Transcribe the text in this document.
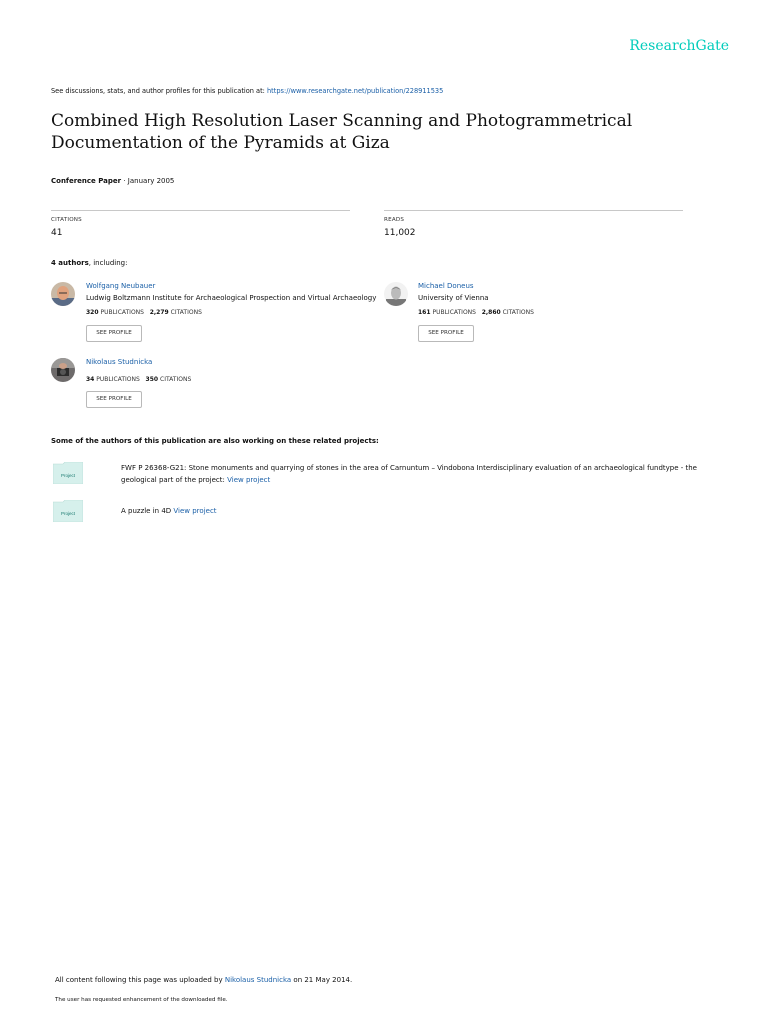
ResearchGate
See discussions, stats, and author profiles for this publication at: https://www.researchgate.net/publication/228911535
Combined High Resolution Laser Scanning and Photogrammetrical Documentation of the Pyramids at Giza
Conference Paper · January 2005
CITATIONS
41
READS
11,002
4 authors, including:
Wolfgang Neubauer
Ludwig Boltzmann Institute for Archaeological Prospection and Virtual Archaeology
320 PUBLICATIONS 2,279 CITATIONS
SEE PROFILE
Michael Doneus
University of Vienna
161 PUBLICATIONS 2,860 CITATIONS
SEE PROFILE
Nikolaus Studnicka
34 PUBLICATIONS 350 CITATIONS
SEE PROFILE
Some of the authors of this publication are also working on these related projects:
Project
FWF P 26368-G21: Stone monuments and quarrying of stones in the area of Carnuntum – Vindobona Interdisciplinary evaluation of an archaeological fundtype - the geological part of the project: View project
Project	A puzzle in 4D View project
All content following this page was uploaded by Nikolaus Studnicka on 21 May 2014.
The user has requested enhancement of the downloaded file.
